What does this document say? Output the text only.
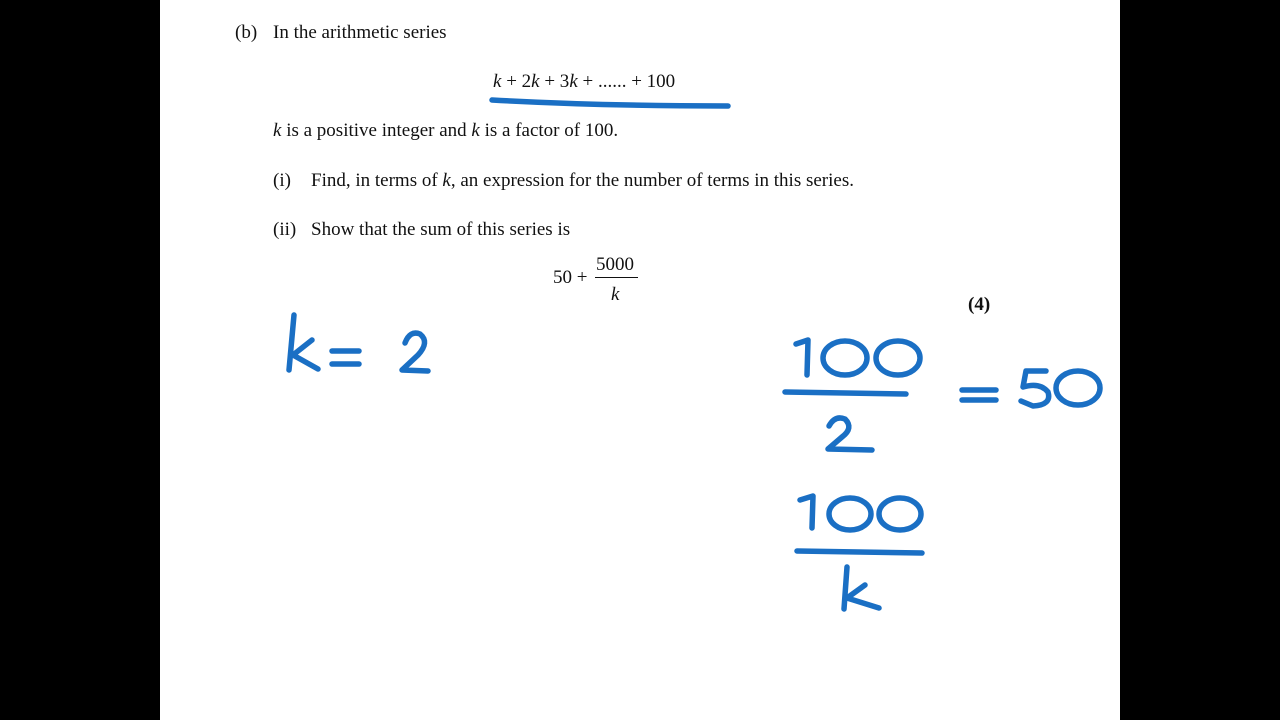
(b) In the arithmetic series
k + 2k + 3k + ...... + 100
k is a positive integer and k is a factor of 100.
(i) Find, in terms of k, an expression for the number of terms in this series.
(ii) Show that the sum of this series is
50 +
5000
k	(4)
